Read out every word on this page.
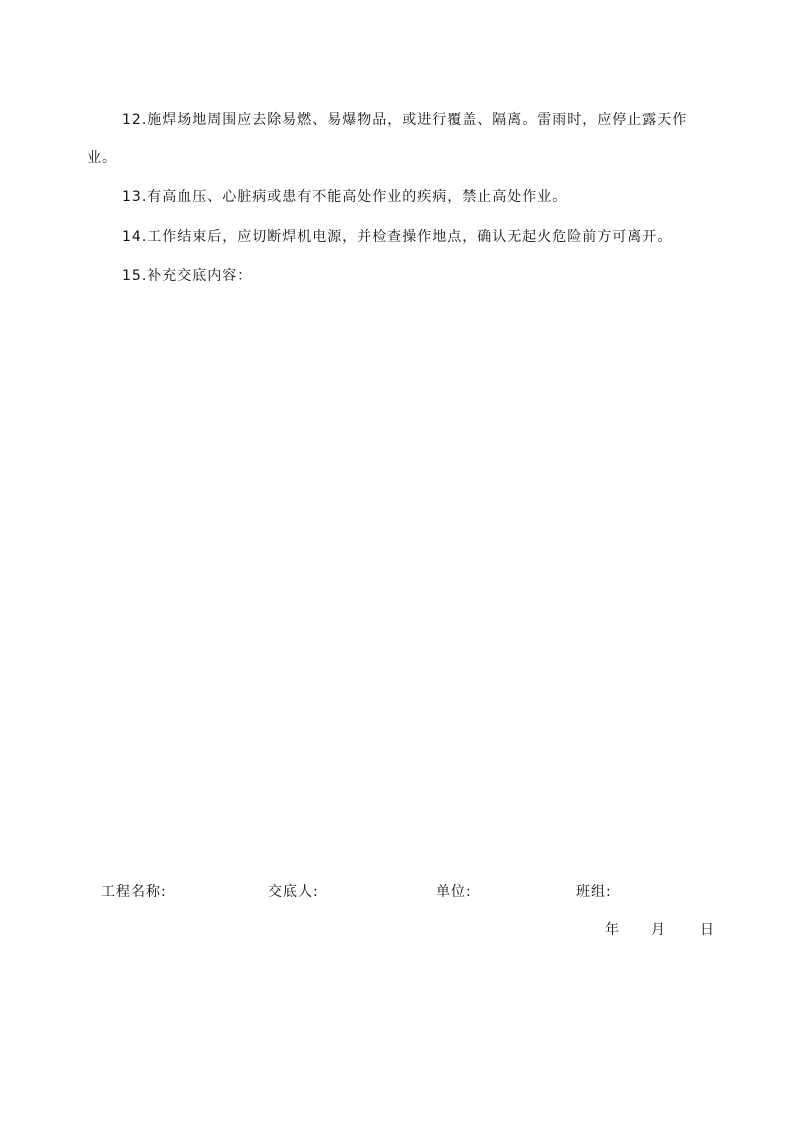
12.施焊场地周围应去除易燃、易爆物品，或进行覆盖、隔离。雷雨时，应停止露天作
业。
13.有高血压、心脏病或患有不能高处作业的疾病，禁止高处作业。
14.工作结束后，应切断焊机电源，并检查操作地点，确认无起火危险前方可离开。
15.补充交底内容：
工程名称:	交底人:	单位:	班组:
年 月 日
